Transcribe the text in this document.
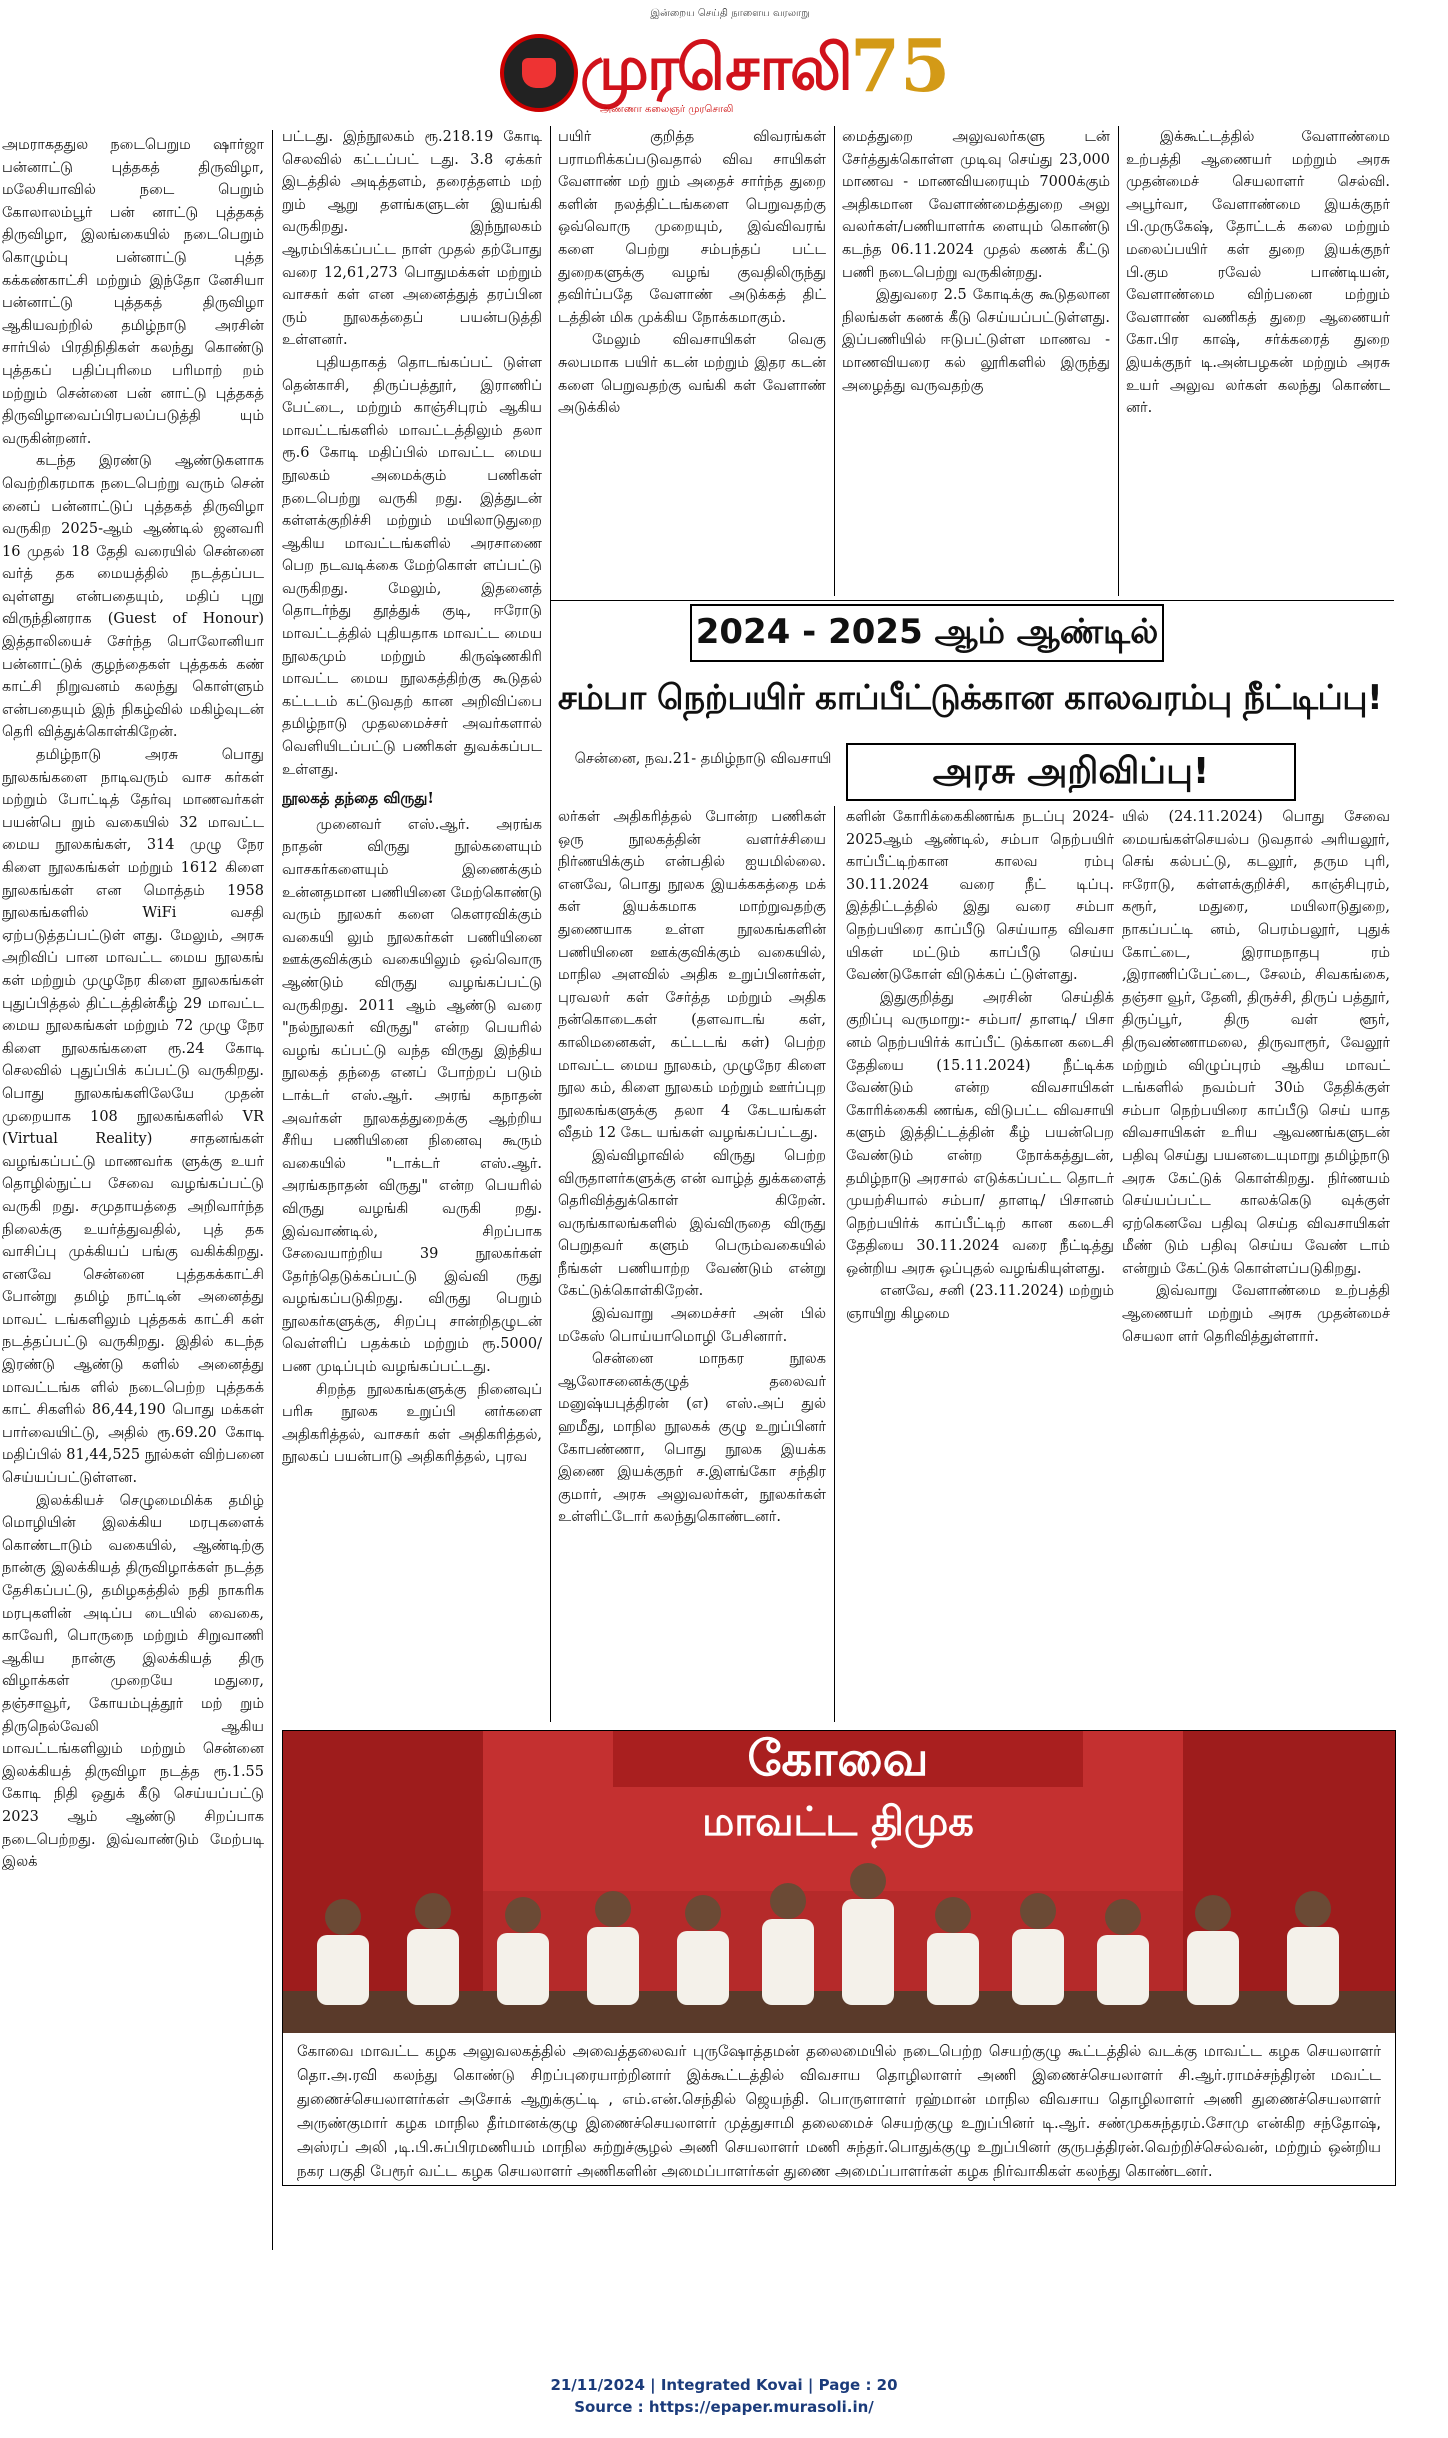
இன்றைய செய்தி நாளைய வரலாறு
முரசொலி 75
அண்ணா கலைஞர் முரசொலி

அமராகததுல நடைபெறும ஷார்ஜா பன்னாட்டு புத்தகத் திருவிழா, மலேசியாவில் நடை பெறும் கோலாலம்பூர் பன் னாட்டு புத்தகத் திருவிழா, இலங்கையில் நடைபெறும் கொழும்பு பன்னாட்டு புத்த கக்கண்காட்சி மற்றும் இந்தோ னேசியா பன்னாட்டு புத்தகத் திருவிழா ஆகியவற்றில் தமிழ்நாடு அரசின் சார்பில் பிரதிநிதிகள் கலந்து கொண்டு புத்தகப் பதிப்புரிமை பரிமாற் றம் மற்றும் சென்னை பன் னாட்டு புத்தகத் திருவிழாவைப்பிரபலப்படுத்தி யும் வருகின்றனர்.

கடந்த இரண்டு ஆண்டுகளாக வெற்றிகரமாக நடைபெற்று வரும் சென் னைப் பன்னாட்டுப் புத்தகத் திருவிழா வருகிற 2025-ஆம் ஆண்டில் ஜனவரி 16 முதல் 18 தேதி வரையில் சென்னை வர்த் தக மையத்தில் நடத்தப்பட வுள்ளது என்பதையும், மதிப் புறு விருந்தினராக (Guest of Honour) இத்தாலியைச் சேர்ந்த பொலோனியா பன்னாட்டுக் குழந்தைகள் புத்தகக் கண் காட்சி நிறுவனம் கலந்து கொள்ளும் என்பதையும் இந் நிகழ்வில் மகிழ்வுடன் தெரி வித்துக்கொள்கிறேன்.

தமிழ்நாடு அரசு பொது நூலகங்களை நாடிவரும் வாச கர்கள் மற்றும் போட்டித் தேர்வு மாணவர்கள் பயன்பெ றும் வகையில் 32 மாவட்ட மைய நூலகங்கள், 314 முழு நேர கிளை நூலகங்கள் மற்றும் 1612 கிளை நூலகங்கள் என மொத்தம் 1958 நூலகங்களில் WiFi வசதி ஏற்படுத்தப்பட்டுள் ளது. மேலும், அரசு அறிவிப் பான மாவட்ட மைய நூலகங் கள் மற்றும் முழுநேர கிளை நூலகங்கள் புதுப்பித்தல் திட்டத்தின்கீழ் 29 மாவட்ட மைய நூலகங்கள் மற்றும் 72 முழு நேர கிளை நூலகங்களை ரூ.24 கோடி செலவில் புதுப்பிக் கப்பட்டு வருகிறது. பொது நூலகங்களிலேயே முதன் முறையாக 108 நூலகங்களில் VR (Virtual Reality) சாதனங்கள் வழங்கப்பட்டு மாணவர்க ளுக்கு உயர் தொழில்நுட்ப சேவை வழங்கப்பட்டு வருகி றது. சமுதாயத்தை அறிவார்ந்த நிலைக்கு உயர்த்துவதில், புத் தக வாசிப்பு முக்கியப் பங்கு வகிக்கிறது. எனவே சென்னை புத்தகக்காட்சி போன்று தமிழ் நாட்டின் அனைத்து மாவட் டங்களிலும் புத்தகக் காட்சி கள் நடத்தப்பட்டு வருகிறது. இதில் கடந்த இரண்டு ஆண்டு களில் அனைத்து மாவட்டங்க ளில் நடைபெற்ற புத்தகக் காட் சிகளில் 86,44,190 பொது மக்கள் பார்வையிட்டு, அதில் ரூ.69.20 கோடி மதிப்பில் 81,44,525 நூல்கள் விற்பனை செய்யப்பட்டுள்ளன.

இலக்கியச் செழுமைமிக்க தமிழ் மொழியின் இலக்கிய மரபுகளைக் கொண்டாடும் வகையில், ஆண்டிற்கு நான்கு இலக்கியத் திருவிழாக்கள் நடத்த தேசிகப்பட்டு, தமிழகத்தில் நதி நாகரிக மரபுகளின் அடிப்ப டையில் வைகை, காவேரி, பொருநை மற்றும் சிறுவாணி ஆகிய நான்கு இலக்கியத் திரு விழாக்கள் முறையே மதுரை, தஞ்சாவூர், கோயம்புத்தூர் மற் றும் திருநெல்வேலி ஆகிய மாவட்டங்களிலும் மற்றும் சென்னை இலக்கியத் திருவிழா நடத்த ரூ.1.55 கோடி நிதி ஒதுக் கீடு செய்யப்பட்டு 2023 ஆம் ஆண்டு சிறப்பாக நடைபெற்றது. இவ்வாண்டும் மேற்படி இலக்

பட்டது. இந்நூலகம் ரூ.218.19 கோடி செலவில் கட்டப்பட் டது. 3.8 ஏக்கர் இடத்தில் அடித்தளம், தரைத்தளம் மற் றும் ஆறு தளங்களுடன் இயங்கி வருகிறது. இந்நூலகம் ஆரம்பிக்கப்பட்ட நாள் முதல் தற்போது வரை 12,61,273 பொதுமக்கள் மற்றும் வாசகர் கள் என அனைத்துத் தரப்பின ரும் நூலகத்தைப் பயன்படுத்தி உள்ளனர்.

புதியதாகத் தொடங்கப்பட் டுள்ள தென்காசி, திருப்பத்தூர், இராணிப் பேட்டை, மற்றும் காஞ்சிபுரம் ஆகிய மாவட்டங்களில் மாவட்டத்திலும் தலா ரூ.6 கோடி மதிப்பில் மாவட்ட மைய நூலகம் அமைக்கும் பணிகள் நடைபெற்று வருகி றது. இத்துடன் கள்ளக்குறிச்சி மற்றும் மயிலாடுதுறை ஆகிய மாவட்டங்களில் அரசாணை பெற நடவடிக்கை மேற்கொள் ளப்பட்டு வருகிறது. மேலும், இதனைத் தொடர்ந்து தூத்துக் குடி, ஈரோடு மாவட்டத்தில் புதியதாக மாவட்ட மைய நூலகமும் மற்றும் கிருஷ்ணகிரி மாவட்ட மைய நூலகத்திற்கு கூடுதல் கட்டடம் கட்டுவதற் கான அறிவிப்பை தமிழ்நாடு முதலமைச்சர் அவர்களால் வெளியிடப்பட்டு பணிகள் துவக்கப்பட உள்ளது.

நூலகத் தந்தை விருது!

முனைவர் எஸ்.ஆர். அரங்க நாதன் விருது நூல்களையும் வாசகர்களையும் இணைக்கும் உன்னதமான பணியினை மேற்கொண்டு வரும் நூலகர் களை கௌரவிக்கும் வகையி லும் நூலகர்கள் பணியினை ஊக்குவிக்கும் வகையிலும் ஒவ்வொரு ஆண்டும் விருது வழங்கப்பட்டு வருகிறது. 2011 ஆம் ஆண்டு வரை "நல்நூலகர் விருது" என்ற பெயரில் வழங் கப்பட்டு வந்த விருது இந்திய நூலகத் தந்தை எனப் போற்றப் படும் டாக்டர் எஸ்.ஆர். அரங் கநாதன் அவர்கள் நூலகத்துறைக்கு ஆற்றிய சீரிய பணியினை நினைவு கூரும் வகையில் "டாக்டர் எஸ்.ஆர். அரங்கநாதன் விருது" என்ற பெயரில் விருது வழங்கி வருகி றது. இவ்வாண்டில், சிறப்பாக சேவையாற்றிய 39 நூலகர்கள் தேர்ந்தெடுக்கப்பட்டு இவ்வி ருது வழங்கப்படுகிறது. விருது பெறும் நூலகர்களுக்கு, சிறப்பு சான்றிதழுடன் வெள்ளிப் பதக்கம் மற்றும் ரூ.5000/ பண முடிப்பும் வழங்கப்பட்டது.

சிறந்த நூலகங்களுக்கு நினைவுப் பரிசு நூலக உறுப்பி னர்களை அதிகரித்தல், வாசகர் கள் அதிகரித்தல், நூலகப் பயன்பாடு அதிகரித்தல், புரவ

பயிர் குறித்த விவரங்கள் பராமரிக்கப்படுவதால் விவ சாயிகள் வேளாண் மற் றும் அதைச் சார்ந்த துறை களின் நலத்திட்டங்களை பெறுவதற்கு ஒவ்வொரு முறையும், இவ்விவரங் களை பெற்று சம்பந்தப் பட்ட துறைகளுக்கு வழங் குவதிலிருந்து தவிர்ப்பதே வேளாண் அடுக்கத் திட் டத்தின் மிக முக்கிய நோக்கமாகும்.

மேலும் விவசாயிகள் வெகு சுலபமாக பயிர் கடன் மற்றும் இதர கடன் களை பெறுவதற்கு வங்கி கள் வேளாண் அடுக்கில்

மைத்துறை அலுவலர்களு டன் சேர்த்துக்கொள்ள முடிவு செய்து 23,000 மாணவ - மாணவியரையும் 7000க்கும் அதிகமான வேளாண்மைத்துறை அலு வலர்கள்/பணியாளர்க ளையும் கொண்டு கடந்த 06.11.2024 முதல் கணக் கீட்டு பணி நடைபெற்று வருகின்றது.

இதுவரை 2.5 கோடிக்கு கூடுதலான நிலங்கள் கணக் கீடு செய்யப்பட்டுள்ளது. இப்பணியில் ஈடுபட்டுள்ள மாணவ - மாணவியரை கல் லூரிகளில் இருந்து அழைத்து வருவதற்கு

இக்கூட்டத்தில் வேளாண்மை உற்பத்தி ஆணையர் மற்றும் அரசு முதன்மைச் செயலாளர் செல்வி. அபூர்வா, வேளாண்மை இயக்குநர் பி.முருகேஷ், தோட்டக் கலை மற்றும் மலைப்பயிர் கள் துறை இயக்குநர் பி.கும ரவேல் பாண்டியன், வேளாண்மை விற்பனை மற்றும் வேளாண் வணிகத் துறை ஆணையர் கோ.பிர காஷ், சர்க்கரைத் துறை இயக்குநர் டி.அன்பழகன் மற்றும் அரசு உயர் அலுவ லர்கள் கலந்து கொண்ட னர்.

2024 - 2025 ஆம் ஆண்டில்
சம்பா நெற்பயிர் காப்பீட்டுக்கான காலவரம்பு நீட்டிப்பு!
அரசு அறிவிப்பு!

சென்னை, நவ.21- தமிழ்நாடு விவசாயி

லர்கள் அதிகரித்தல் போன்ற பணிகள் ஒரு நூலகத்தின் வளர்ச்சியை நிர்ணயிக்கும் என்பதில் ஐயமில்லை. எனவே, பொது நூலக இயக்ககத்தை மக் கள் இயக்கமாக மாற்றுவதற்கு துணையாக உள்ள நூலகங்களின் பணியினை ஊக்குவிக்கும் வகையில், மாநில அளவில் அதிக உறுப்பினர்கள், புரவலர் கள் சேர்த்த மற்றும் அதிக நன்கொடைகள் (தளவாடங் கள், காலிமனைகள், கட்டடங் கள்) பெற்ற மாவட்ட மைய நூலகம், முழுநேர கிளை நூல கம், கிளை நூலகம் மற்றும் ஊர்ப்புற நூலகங்களுக்கு தலா 4 கேடயங்கள் வீதம் 12 கேட யங்கள் வழங்கப்பட்டது.

இவ்விழாவில் விருது பெற்ற விருதாளர்களுக்கு என் வாழ்த் துக்களைத் தெரிவித்துக்கொள் கிறேன். வருங்காலங்களில் இவ்விருதை விருது பெறுதவர் களும் பெரும்வகையில் நீங்கள் பணியாற்ற வேண்டும் என்று கேட்டுக்கொள்கிறேன்.

இவ்வாறு அமைச்சர் அன் பில் மகேஸ் பொய்யாமொழி பேசினார்.

சென்னை மாநகர நூலக ஆலோசனைக்குழுத் தலைவர் மனுஷ்யபுத்திரன் (எ) எஸ்.அப் துல் ஹமீது, மாநில நூலகக் குழு உறுப்பினர் கோபண்ணா, பொது நூலக இயக்க இணை இயக்குநர் ச.இளங்கோ சந்திர குமார், அரசு அலுவலர்கள், நூலகர்கள் உள்ளிட்டோர் கலந்துகொண்டனர்.

களின் கோரிக்கைகிணங்க நடப்பு 2024-2025ஆம் ஆண்டில், சம்பா நெற்பயிர் காப்பீட்டிற்கான காலவ ரம்பு 30.11.2024 வரை நீட் டிப்பு. இத்திட்டத்தில் இது வரை சம்பா நெற்பயிரை காப்பீடு செய்யாத விவசா யிகள் மட்டும் காப்பீடு செய்ய வேண்டுகோள் விடுக்கப் ட்டுள்ளது.

இதுகுறித்து அரசின் செய்திக் குறிப்பு வருமாறு:- சம்பா/ தாளடி/ பிசா னம் நெற்பயிர்க் காப்பீட் டுக்கான கடைசி தேதியை (15.11.2024) நீட்டிக்க வேண்டும் என்ற விவசாயிகள் கோரிக்கைகி ணங்க, விடுபட்ட விவசாயி களும் இத்திட்டத்தின் கீழ் பயன்பெற வேண்டும் என்ற நோக்கத்துடன், தமிழ்நாடு அரசால் எடுக்கப்பட்ட தொடர் முயற்சியால் சம்பா/ தாளடி/ பிசானம் நெற்பயிர்க் காப்பீட்டிற் கான கடைசி தேதியை 30.11.2024 வரை நீட்டித்து ஒன்றிய அரசு ஒப்புதல் வழங்கியுள்ளது.

எனவே, சனி (23.11.2024) மற்றும் ஞாயிறு கிழமை

யில் (24.11.2024) பொது சேவை மையங்கள்செயல்ப டுவதால் அரியலூர், செங் கல்பட்டு, கடலூர், தரும புரி, ஈரோடு, கள்ளக்குறிச்சி, காஞ்சிபுரம், கரூர், மதுரை, மயிலாடுதுறை, நாகப்பட்டி னம், பெரம்பலூர், புதுக் கோட்டை, இராமநாதபு ரம் ,இராணிப்பேட்டை, சேலம், சிவகங்கை, தஞ்சா வூர், தேனி, திருச்சி, திருப் பத்தூர், திருப்பூர், திரு வள் ளூர், திருவண்ணாமலை, திருவாரூர், வேலூர் மற்றும் விழுப்புரம் ஆகிய மாவட் டங்களில் நவம்பர் 30ம் தேதிக்குள் சம்பா நெற்பயிரை காப்பீடு செய் யாத விவசாயிகள் உரிய ஆவணங்களுடன் பதிவு செய்து பயனடையுமாறு தமிழ்நாடு அரசு கேட்டுக் கொள்கிறது. நிர்ணயம் செய்யப்பட்ட காலக்கெடு வுக்குள் ஏற்கெனவே பதிவு செய்த விவசாயிகள் மீண் டும் பதிவு செய்ய வேண் டாம் என்றும் கேட்டுக் கொள்ளப்படுகிறது.

இவ்வாறு வேளாண்மை உற்பத்தி ஆணையர் மற்றும் அரசு முதன்மைச் செயலா ளர் தெரிவித்துள்ளார்.

கோவை
மாவட்ட திமுக
கோவை மாவட்ட கழக அலுவலகத்தில் அவைத்தலைவர் புருஷோத்தமன் தலைமையில் நடைபெற்ற செயற்குழு கூட்டத்தில் வடக்கு மாவட்ட கழக செயலாளர் தொ.அ.ரவி கலந்து கொண்டு சிறப்புரையாற்றினார் இக்கூட்டத்தில் விவசாய தொழிலாளர் அணி இணைச்செயலாளர் சி.ஆர்.ராமச்சந்திரன் மவட்ட துணைச்செயலாளர்கள் அசோக் ஆறுக்குட்டி , எம்.என்.செந்தில் ஜெயந்தி. பொருளாளர் ரஹ்மான் மாநில விவசாய தொழிலாளர் அணி துணைச்செயலாளர் அருண்குமார் கழக மாநில தீர்மானக்குழு இணைச்செயலாளர் முத்துசாமி தலைமைச் செயற்குழு உறுப்பினர் டி.ஆர். சண்முகசுந்தரம்.சோமு என்கிற சந்தோஷ், அஸ்ரப் அலி ,டி.பி.சுப்பிரமணியம் மாநில சுற்றுச்சூழல் அணி செயலாளர் மணி சுந்தர்.பொதுக்குழு உறுப்பினர் குருபத்திரன்.வெற்றிச்செல்வன், மற்றும் ஒன்றிய நகர பகுதி பேரூர் வட்ட கழக செயலாளர் அணிகளின் அமைப்பாளர்கள் துணை அமைப்பாளர்கள் கழக நிர்வாகிகள் கலந்து கொண்டனர்.
21/11/2024 | Integrated Kovai | Page : 20
Source : https://epaper.murasoli.in/
